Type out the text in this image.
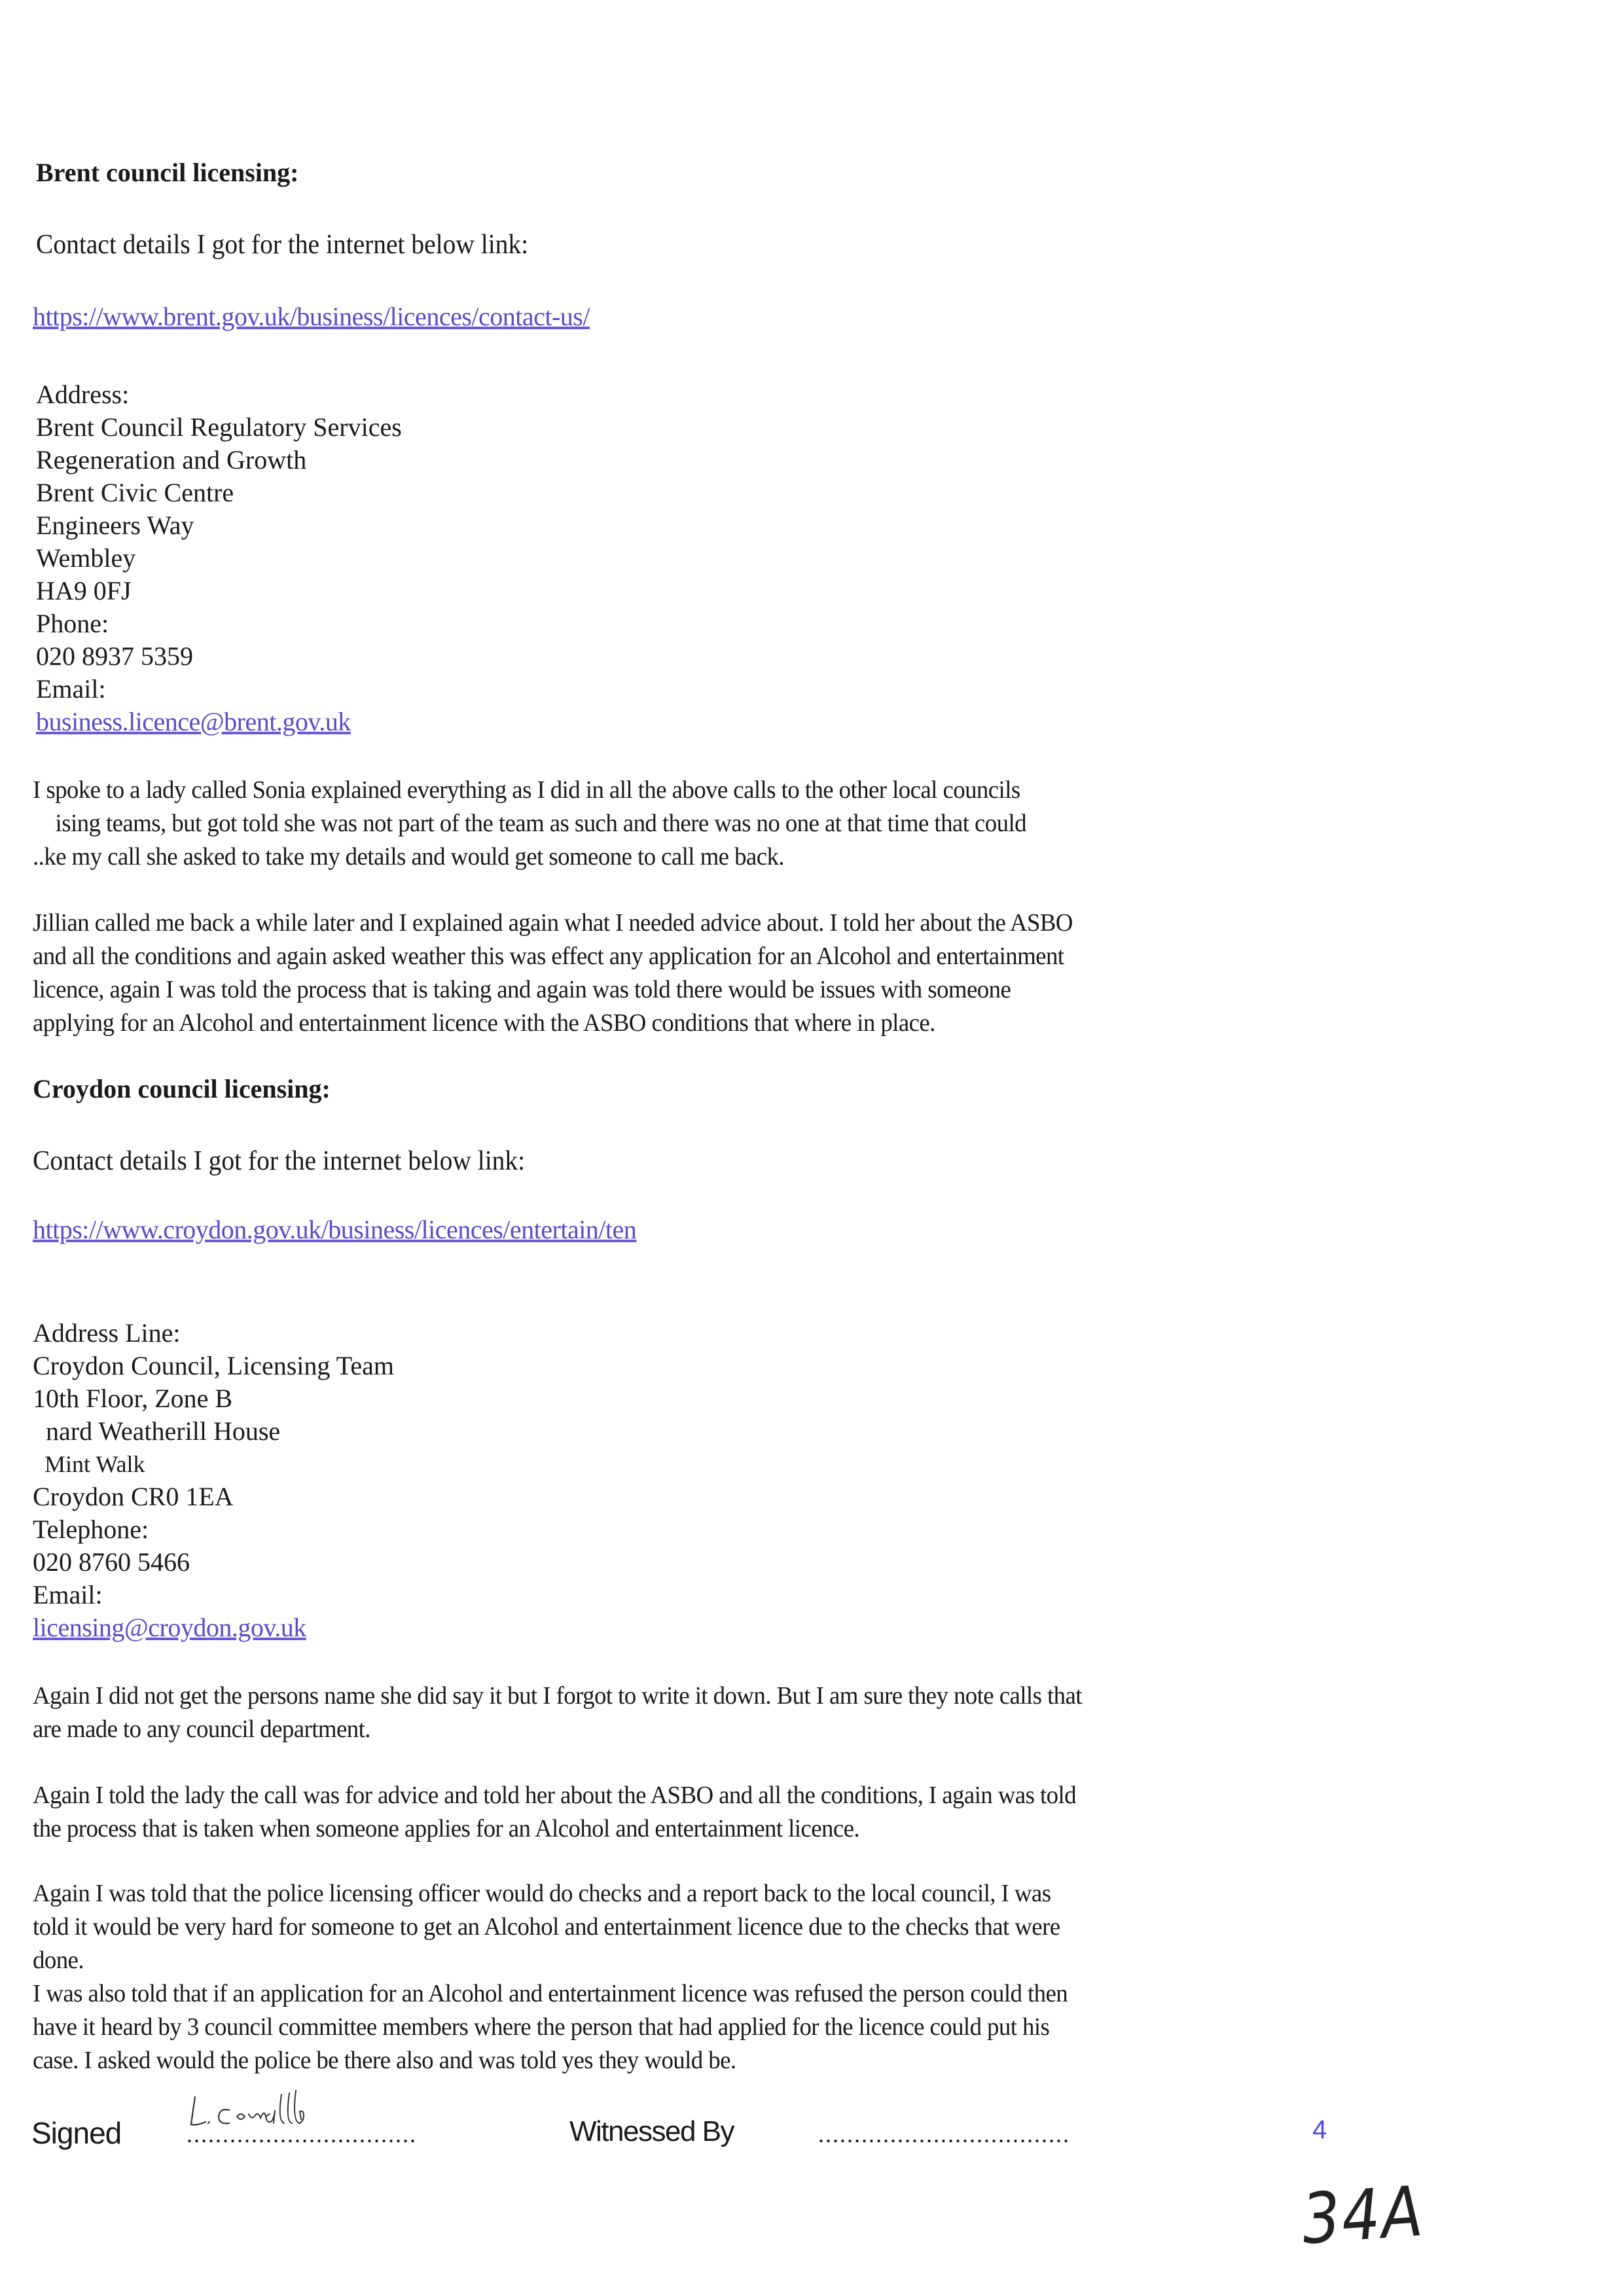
Brent council licensing:
Contact details I got for the internet below link:
https://www.brent.gov.uk/business/licences/contact-us/
Address:
Brent Council Regulatory Services
Regeneration and Growth
Brent Civic Centre
Engineers Way
Wembley
HA9 0FJ
Phone:
020 8937 5359
Email:
business.licence@brent.gov.uk

I spoke to a lady called Sonia explained everything as I did in all the above calls to the other local councils

ising teams, but got told she was not part of the team as such and there was no one at that time that could

..ke my call she asked to take my details and would get someone to call me back.

Jillian called me back a while later and I explained again what I needed advice about. I told her about the ASBO

and all the conditions and again asked weather this was effect any application for an Alcohol and entertainment

licence, again I was told the process that is taking and again was told there would be issues with someone

applying for an Alcohol and entertainment licence with the ASBO conditions that where in place.

Croydon council licensing:
Contact details I got for the internet below link:
https://www.croydon.gov.uk/business/licences/entertain/ten
Address Line:
Croydon Council, Licensing Team
10th Floor, Zone B
nard Weatherill House
Mint Walk
Croydon CR0 1EA
Telephone:
020 8760 5466
Email:
licensing@croydon.gov.uk

Again I did not get the persons name she did say it but I forgot to write it down. But I am sure they note calls that

are made to any council department.

Again I told the lady the call was for advice and told her about the ASBO and all the conditions, I again was told

the process that is taken when someone applies for an Alcohol and entertainment licence.

Again I was told that the police licensing officer would do checks and a report back to the local council, I was

told it would be very hard for someone to get an Alcohol and entertainment licence due to the checks that were

done.

I was also told that if an application for an Alcohol and entertainment licence was refused the person could then

have it heard by 3 council committee members where the person that had applied for the licence could put his

case. I asked would the police be there also and was told yes they would be.

Signed	................................	Witnessed By	...................................	4
34A
